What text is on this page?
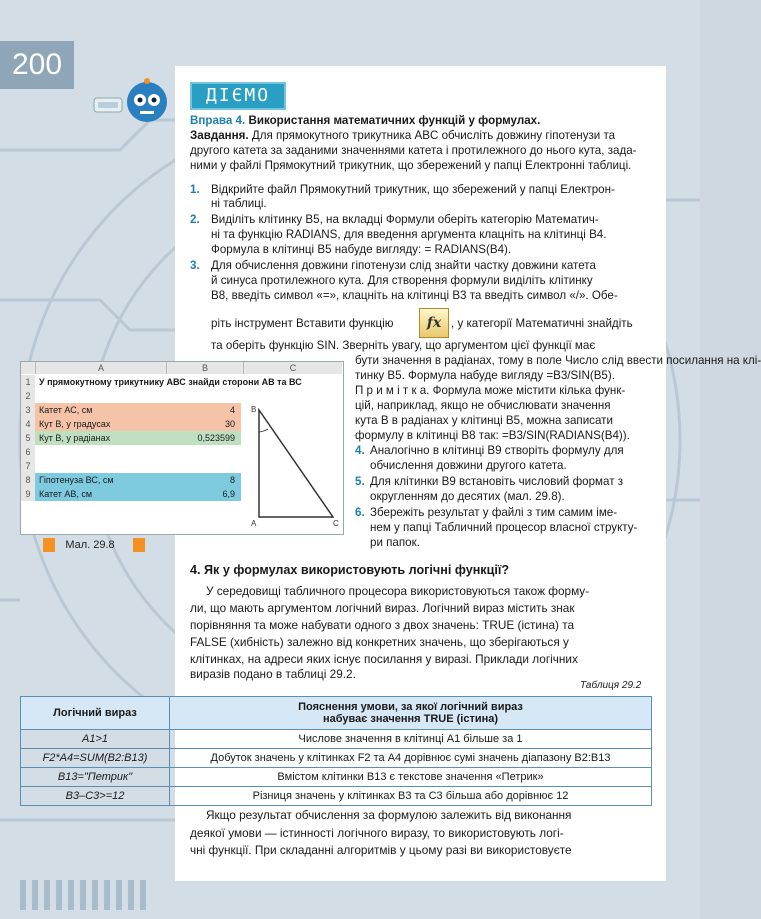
200
ДІЄМО
Вправа 4. Використання математичних функцій у формулах.
Завдання. Для прямокутного трикутника ABC обчисліть довжину гіпотенузи та
другого катета за заданими значеннями катета і протилежного до нього кута, зада-
ними у файлі Прямокутний трикутник, що збережений у папці Електронні таблиці.
1. Відкрийте файл Прямокутний трикутник, що збережений у папці Електрон-
ні таблиці.
2. Виділіть клітинку B5, на вкладці Формули оберіть категорію Математич-
ні та функцію RADIANS, для введення аргумента клацніть на клітинці B4.
Формула в клітинці B5 набуде вигляду: = RADIANS(B4).
3. Для обчислення довжини гіпотенузи слід знайти частку довжини катета
й синуса протилежного кута. Для створення формули виділіть клітинку
B8, введіть символ «=», клацніть на клітинці B3 та введіть символ «/». Обе-
ріть інструмент Вставити функцію	fx , у категорії Математичні знайдіть
та оберіть функцію SIN. Зверніть увагу, що аргументом цієї функції має
бути значення в радіанах, тому в поле Число слід ввести посилання на клі-
тинку B5. Формула набуде вигляду =B3/SIN(B5).
П р и м і т к а. Формула може містити кілька функ-
цій, наприклад, якщо не обчислювати значення
кута B в радіанах у клітинці B5, можна записати
формулу в клітинці B8 так: =B3/SIN(RADIANS(B4)).
4. Аналогічно в клітинці B9 створіть формулу для
обчислення довжини другого катета.
5. Для клітинки B9 встановіть числовий формат з
округленням до десятих (мал. 29.8).
6. Збережіть результат у файлі з тим самим іме-
нем у папці Табличний процесор власної структу-
ри папок.
A	B	C
1 У прямокутному трикутнику АВС знайди сторони АВ та ВС
2
3 Катет АС, см	4
4 Кут В, у градусах	30
5 Кут В, у радіанах	0,523599
6
7
8 Гіпотенуза ВС, см	8
9 Катет АВ, см	6,9
B
A	C
Мал. 29.8
4. Як у формулах використовують логічні функції?
У середовищі табличного процесора використовуються також форму-
ли, що мають аргументом логічний вираз. Логічний вираз містить знак
порівняння та може набувати одного з двох значень: TRUE (істина) та
FALSE (хибність) залежно від конкретних значень, що зберігаються у
клітинках, на адреси яких існує посилання у виразі. Приклади логічних
виразів подано в таблиці 29.2.
Таблиця 29.2
Логічний вираз	Пояснення умови, за якої логічний вираз
набуває значення TRUE (істина)

A1>1	Числове значення в клітинці A1 більше за 1
F2*A4=SUM(B2:B13)	Добуток значень у клітинках F2 та A4 дорівнює сумі значень діапазону B2:B13
B13="Петрик"	Вмістом клітинки B13 є текстове значення «Петрик»
B3–C3>=12	Різниця значень у клітинках B3 та C3 більша або дорівнює 12
Якщо результат обчислення за формулою залежить від виконання
деякої умови — істинності логічного виразу, то використовують логі-
чні функції. При складанні алгоритмів у цьому разі ви використовуєте
